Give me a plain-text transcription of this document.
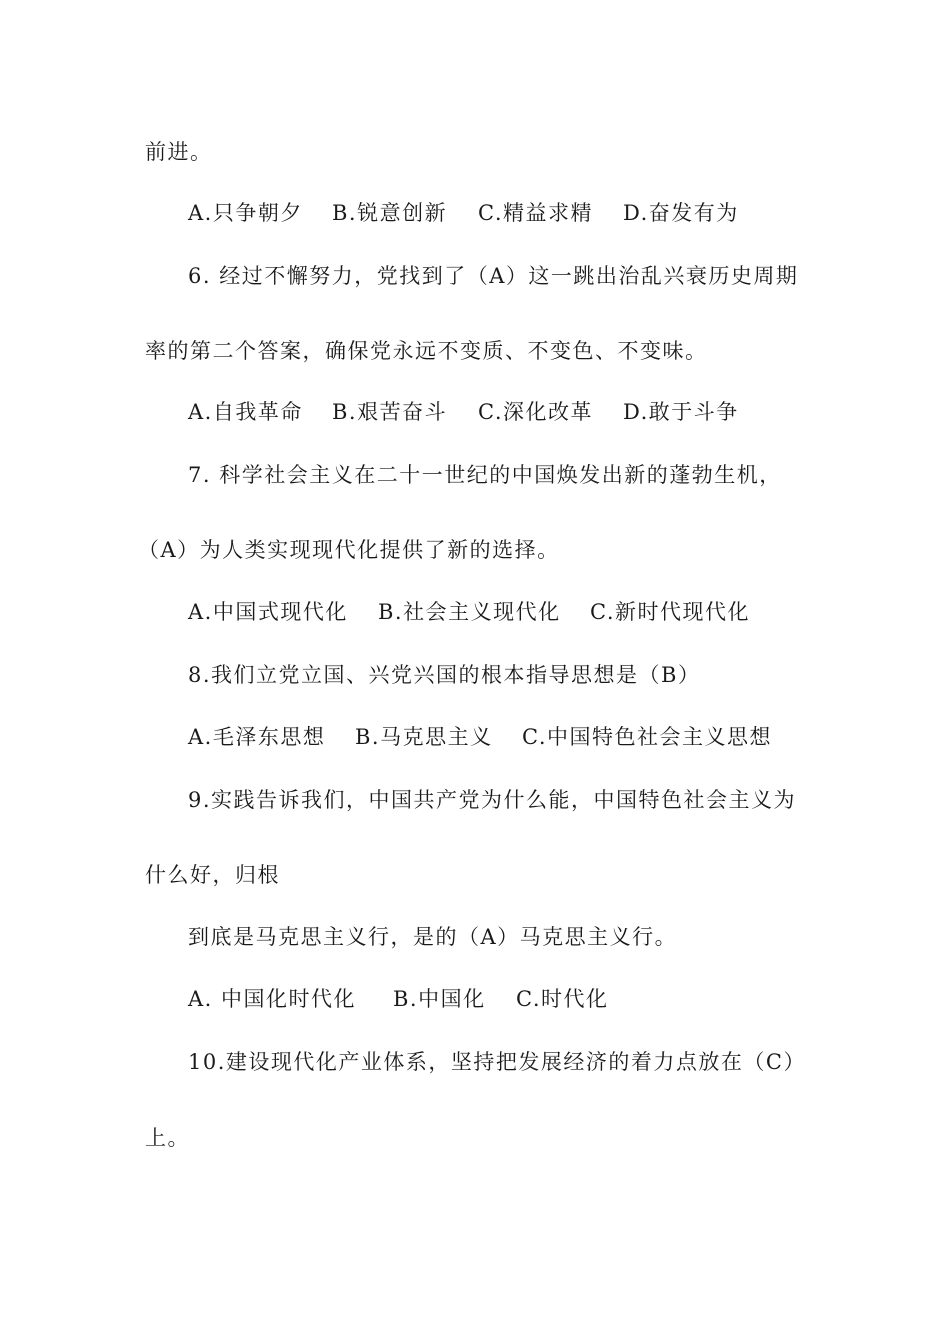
前进。
A.只争朝夕 B.锐意创新 C.精益求精 D.奋发有为
6. 经过不懈努力，党找到了（A）这一跳出治乱兴衰历史周期
率的第二个答案，确保党永远不变质、不变色、不变味。
A.自我革命 B.艰苦奋斗 C.深化改革 D.敢于斗争
7. 科学社会主义在二十一世纪的中国焕发出新的蓬勃生机，
（A）为人类实现现代化提供了新的选择。
A.中国式现代化 B.社会主义现代化 C.新时代现代化
8.我们立党立国、兴党兴国的根本指导思想是（B）
A.毛泽东思想 B.马克思主义 C.中国特色社会主义思想
9.实践告诉我们，中国共产党为什么能，中国特色社会主义为
什么好，归根
到底是马克思主义行，是的（A）马克思主义行。
A. 中国化时代化 B.中国化 C.时代化
10.建设现代化产业体系，坚持把发展经济的着力点放在（C）
上。
